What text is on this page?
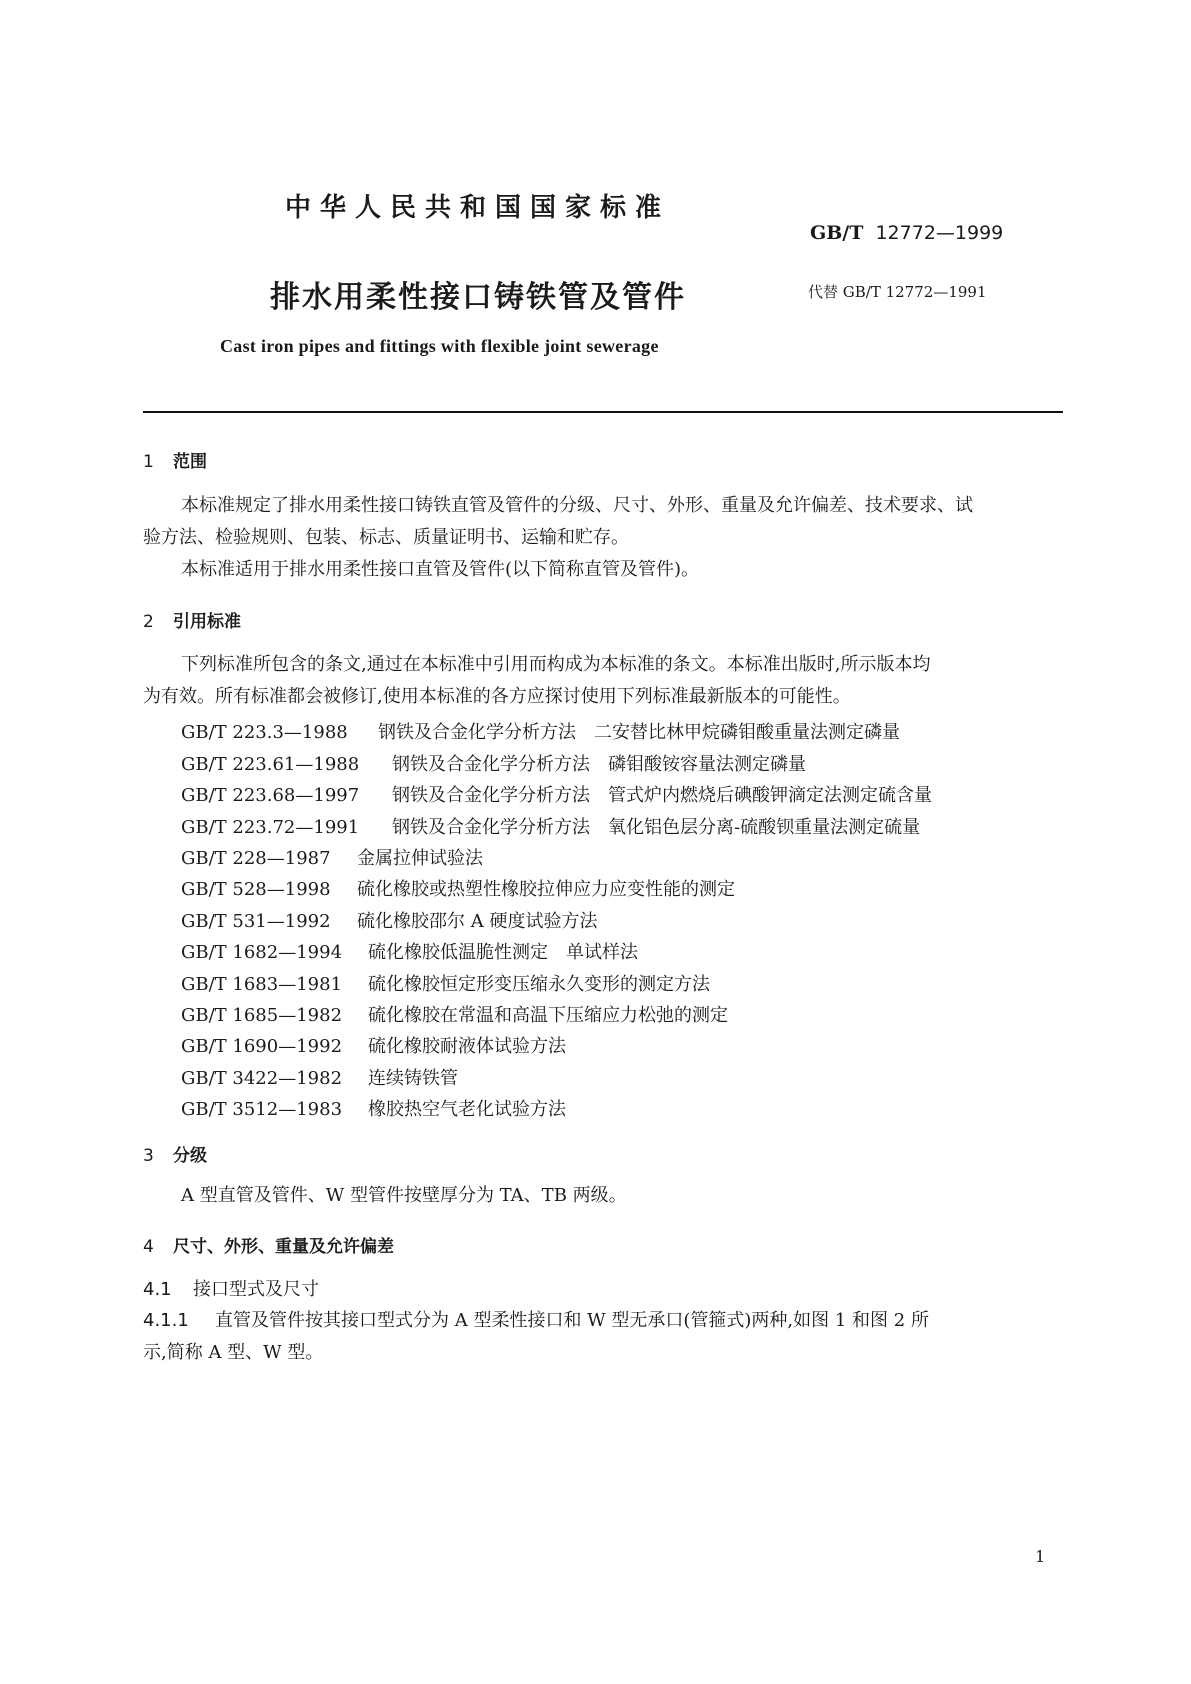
中华人民共和国国家标准
GB/T 12772—1999
排水用柔性接口铸铁管及管件	代替 GB/T 12772—1991
Cast iron pipes and fittings with flexible joint sewerage
1 范围
本标准规定了排水用柔性接口铸铁直管及管件的分级、尺寸、外形、重量及允许偏差、技术要求、试
验方法、检验规则、包装、标志、质量证明书、运输和贮存。
本标准适用于排水用柔性接口直管及管件(以下简称直管及管件)。
2 引用标准
下列标准所包含的条文,通过在本标准中引用而构成为本标准的条文。本标准出版时,所示版本均
为有效。所有标准都会被修订,使用本标准的各方应探讨使用下列标准最新版本的可能性。
GB/T 223.3—1988 钢铁及合金化学分析方法　二安替比林甲烷磷钼酸重量法测定磷量
GB/T 223.61—1988 钢铁及合金化学分析方法　磷钼酸铵容量法测定磷量
GB/T 223.68—1997 钢铁及合金化学分析方法　管式炉内燃烧后碘酸钾滴定法测定硫含量
GB/T 223.72—1991 钢铁及合金化学分析方法　氧化铝色层分离-硫酸钡重量法测定硫量
GB/T 228—1987 金属拉伸试验法
GB/T 528—1998 硫化橡胶或热塑性橡胶拉伸应力应变性能的测定
GB/T 531—1992 硫化橡胶邵尔 A 硬度试验方法
GB/T 1682—1994 硫化橡胶低温脆性测定　单试样法
GB/T 1683—1981 硫化橡胶恒定形变压缩永久变形的测定方法
GB/T 1685—1982 硫化橡胶在常温和高温下压缩应力松弛的测定
GB/T 1690—1992 硫化橡胶耐液体试验方法
GB/T 3422—1982 连续铸铁管
GB/T 3512—1983 橡胶热空气老化试验方法
3 分级
A 型直管及管件、W 型管件按壁厚分为 TA、TB 两级。
4 尺寸、外形、重量及允许偏差
4.1 接口型式及尺寸
4.1.1 直管及管件按其接口型式分为 A 型柔性接口和 W 型无承口(管箍式)两种,如图 1 和图 2 所
示,简称 A 型、W 型。
1
